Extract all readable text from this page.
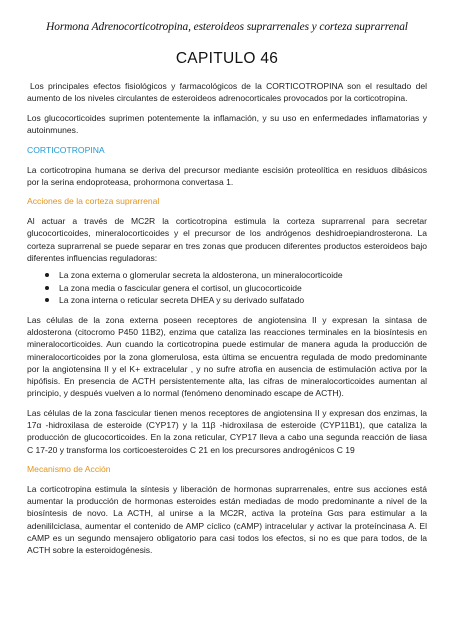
Hormona Adrenocorticotropina, esteroideos suprarrenales y corteza suprarrenal
CAPITULO 46

Los principales efectos fisiológicos y farmacológicos de la CORTICOTROPINA son el resultado del aumento de los niveles circulantes de esteroideos adrenocorticales provocados por la corticotropina.

Los glucocorticoides suprimen potentemente la inflamación, y su uso en enfermedades inflamatorias y autoinmunes.

CORTICOTROPINA

La corticotropina humana se deriva del precursor mediante escisión proteolítica en residuos dibásicos por la serina endoproteasa, prohormona convertasa 1.

Acciones de la corteza suprarrenal

Al actuar a través de MC2R la corticotropina estimula la corteza suprarrenal para secretar glucocorticoides, mineralocorticoides y el precursor de los andrógenos deshidroepiandrosterona. La corteza suprarrenal se puede separar en tres zonas que producen diferentes productos esteroideos bajo diferentes influencias reguladoras:

La zona externa o glomerular secreta la aldosterona, un mineralocorticoide
La zona media o fascicular genera el cortisol, un glucocorticoide
La zona interna o reticular secreta DHEA y su derivado sulfatado

Las células de la zona externa poseen receptores de angiotensina II y expresan la sintasa de aldosterona (citocromo P450 11B2), enzima que cataliza las reacciones terminales en la biosíntesis en mineralocorticoides. Aun cuando la corticotropina puede estimular de manera aguda la producción de mineralocorticoides por la zona glomerulosa, esta última se encuentra regulada de modo predominante por la angiotensina II y el K+ extracelular , y no sufre atrofia en ausencia de estimulación activa por la hipófisis. En presencia de ACTH persistentemente alta, las cifras de mineralocorticoides aumentan al principio, y después vuelven a lo normal (fenómeno denominado escape de ACTH).

Las células de la zona fascicular tienen menos receptores de angiotensina II y expresan dos enzimas, la 17α -hidroxilasa de esteroide (CYP17) y la 11β -hidroxilasa de esteroide (CYP11B1), que cataliza la producción de glucocorticoides. En la zona reticular, CYP17 lleva a cabo una segunda reacción de liasa C 17-20 y transforma los corticoesteroides C 21 en los precursores androgénicos C 19

Mecanismo de Acción

La corticotropina estimula la síntesis y liberación de hormonas suprarrenales, entre sus acciones está aumentar la producción de hormonas esteroides están mediadas de modo predominante a nivel de la biosíntesis de novo. La ACTH, al unirse a la MC2R, activa la proteína Gαs para estimular a la adenililciclasa, aumentar el contenido de AMP cíclico (cAMP) intracelular y activar la proteíncinasa A. El cAMP es un segundo mensajero obligatorio para casi todos los efectos, si no es que para todos, de la ACTH sobre la esteroidogénesis.
